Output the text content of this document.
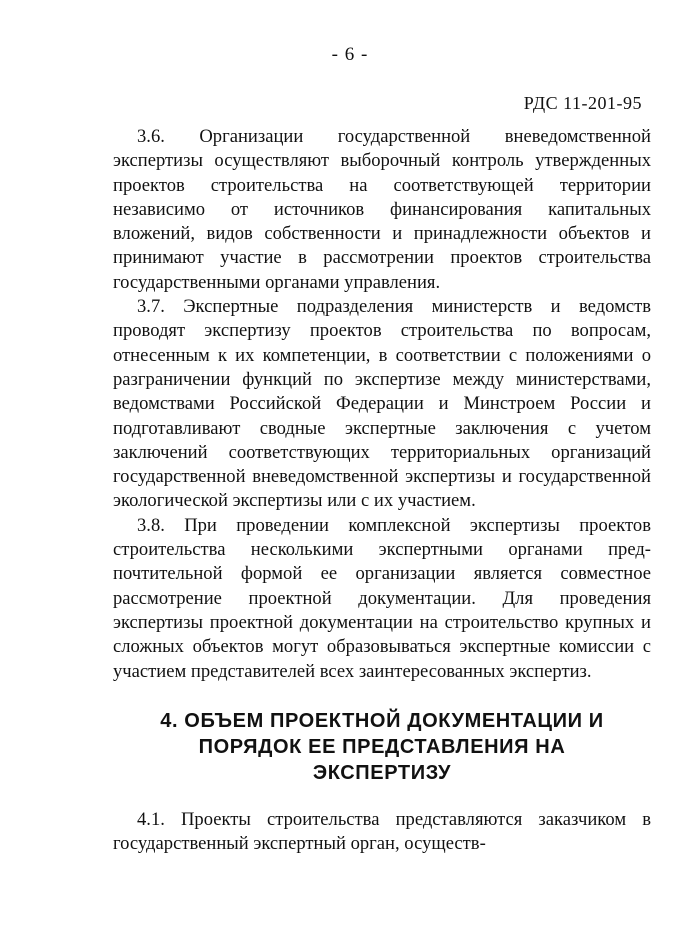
- 6 -
РДС 11-201-95

3.6. Организации государственной вневедомственной экспертизы осуществляют выборочный контроль утвержденных проектов строительства на соответствующей территории независимо от источников финансирования капитальных вложений, видов собственности и принадлежности объектов и принимают участие в рассмотрении проектов строительства государственными органами управления.

3.7. Экспертные подразделения министерств и ведомств проводят экспертизу проектов строительства по вопросам, отнесенным к их компетенции, в соответствии с положениями о разграничении функций по экспертизе между министерствами, ведомствами Российской Федерации и Минстроем России и подготавливают сводные экспертные заключения с учетом заключений соответствующих территориальных организаций государственной вневедомственной экспертизы и государственной экологической экспертизы или с их участием.

3.8. При проведении комплексной экспертизы проектов строительства несколькими экспертными органами предпочтительной формой ее организации является совместное рассмотрение проектной документации. Для проведения экспертизы проектной документации на строительство крупных и сложных объектов могут образовываться экспертные комиссии с участием представителей всех заинтересованных экспертиз.

4. ОБЪЕМ ПРОЕКТНОЙ ДОКУМЕНТАЦИИ И
ПОРЯДОК ЕЕ ПРЕДСТАВЛЕНИЯ НА
ЭКСПЕРТИЗУ

4.1. Проекты строительства представляются заказчиком в государственный экспертный орган, осуществ-
